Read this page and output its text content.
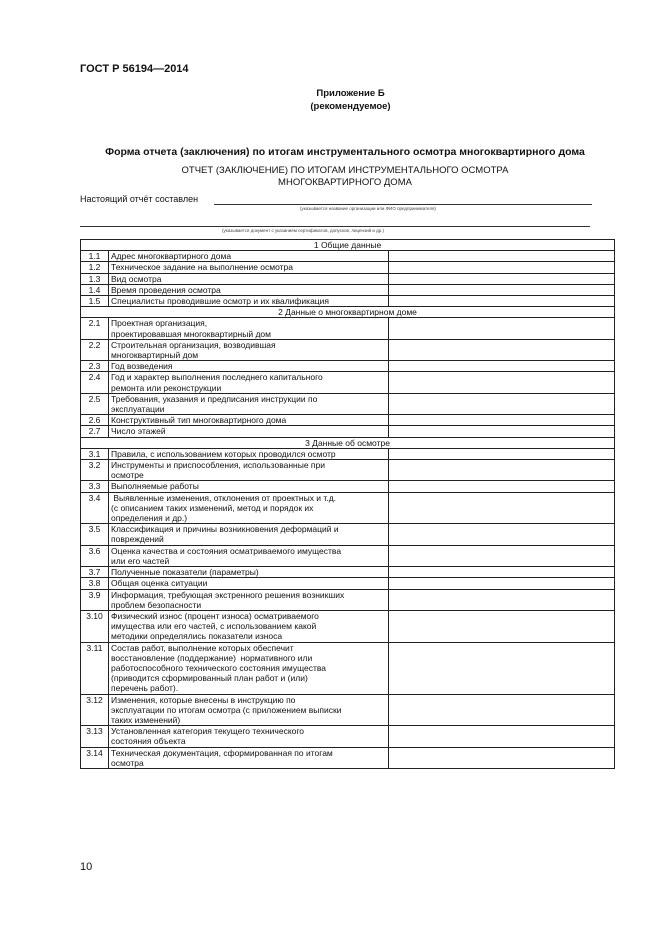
ГОСТ Р 56194—2014
Приложение Б
(рекомендуемое)
Форма отчета (заключения) по итогам инструментального осмотра многоквартирного дома
ОТЧЕТ (ЗАКЛЮЧЕНИЕ) ПО ИТОГАМ ИНСТРУМЕНТАЛЬНОГО ОСМОТРА
МНОГОКВАРТИРНОГО ДОМА
Настоящий отчёт составлен
(указывается название организации или ФИО предпринимателя)
(указывается документ с указанием сертификатов, допусков, лицензий и др.)
1 Общие данные		
1.1	Адрес многоквартирного дома	

1.2	Техническое задание на выполнение осмотра	

1.3	Вид осмотра	

1.4	Время проведения осмотра	

1.5	Специалисты проводившие осмотр и их квалификация	

2 Данные о многоквартирном доме		
2.1	Проектная организация,
проектировавшая многоквартирный дом	

2.2	Строительная организация, возводившая
многоквартирный дом	

2.3	Год возведения	

2.4	Год и характер выполнения последнего капитального
ремонта или реконструкции	

2.5	Требования, указания и предписания инструкции по
эксплуатации	

2.6	Конструктивный тип многоквартирного дома	

2.7	Число этажей	

3 Данные об осмотре		
3.1	Правила, с использованием которых проводился осмотр	

3.2	Инструменты и приспособления, использованные при
осмотре	

3.3	Выполняемые работы	

3.4	Выявленные изменения, отклонения от проектных и т.д.
(с описанием таких изменений, метод и порядок их
определения и др.)	

3.5	Классификация и причины возникновения деформаций и
повреждений	

3.6	Оценка качества и состояния осматриваемого имущества
или его частей	

3.7	Полученные показатели (параметры)	

3.8	Общая оценка ситуации	

3.9	Информация, требующая экстренного решения возникших
проблем безопасности	

3.10	Физический износ (процент износа) осматриваемого
имущества или его частей, с использованием какой
методики определялись показатели износа	

3.11	Состав работ, выполнение которых обеспечит
восстановление (поддержание)  нормативного или
работоспособного технического состояния имущества
(приводится сформированный план работ и (или)
перечень работ).	

3.12	Изменения, которые внесены в инструкцию по
эксплуатации по итогам осмотра (с приложением выписки
таких изменений)	

3.13	Установленная категория текущего технического
состояния объекта	

3.14	Техническая документация, сформированная по итогам
осмотра	

10
